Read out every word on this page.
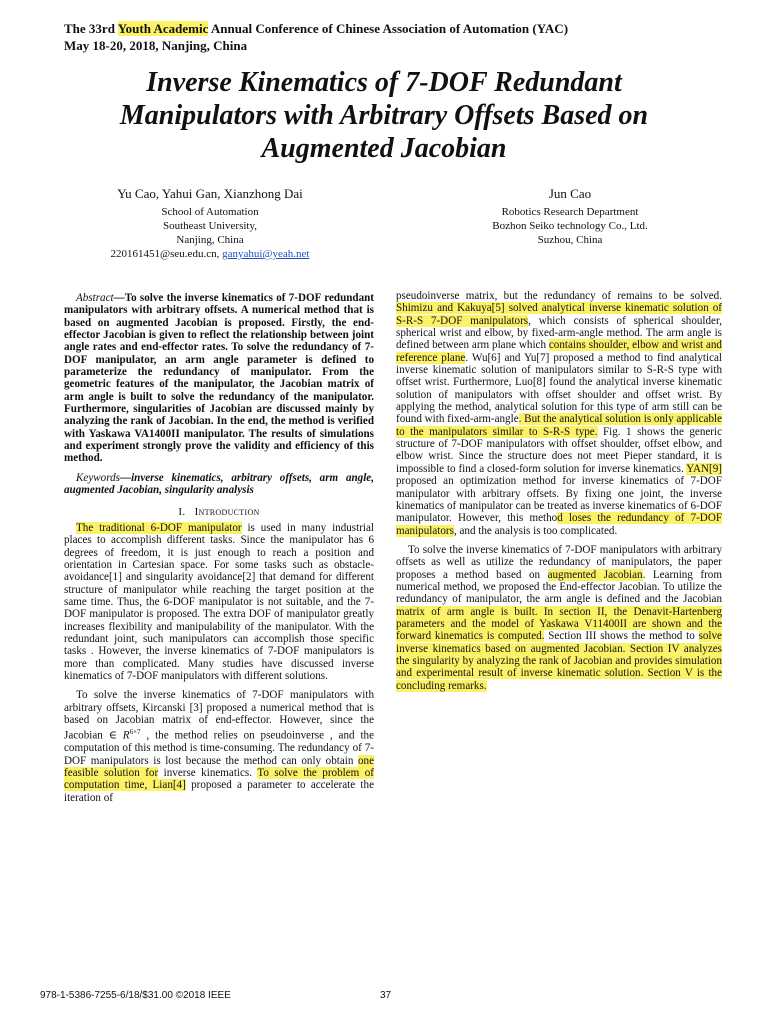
The 33rd Youth Academic Annual Conference of Chinese Association of Automation (YAC)
May 18-20, 2018, Nanjing, China
Inverse Kinematics of 7-DOF Redundant
Manipulators with Arbitrary Offsets Based on
Augmented Jacobian
Yu Cao, Yahui Gan, Xianzhong Dai
School of Automation
Southeast University,
Nanjing, China
220161451@seu.edu.cn, ganyahui@yeah.net
Jun Cao
Robotics Research Department
Bozhon Seiko technology Co., Ltd.
Suzhou, China

Abstract—To solve the inverse kinematics of 7-DOF redundant manipulators with arbitrary offsets. A numerical method that is based on augmented Jacobian is proposed. Firstly, the end-effector Jacobian is given to reflect the relationship between joint angle rates and end-effector rates. To solve the redundancy of 7-DOF manipulator, an arm angle parameter is defined to parameterize the redundancy of manipulator. From the geometric features of the manipulator, the Jacobian matrix of arm angle is built to solve the redundancy of the manipulator. Furthermore, singularities of Jacobian are discussed mainly by analyzing the rank of Jacobian. In the end, the method is verified with Yaskawa VA1400II manipulator. The results of simulations and experiment strongly prove the validity and efficiency of this method.

Keywords—inverse kinematics, arbitrary offsets, arm angle, augmented Jacobian, singularity analysis

I. Introduction

The traditional 6-DOF manipulator is used in many industrial places to accomplish different tasks. Since the manipulator has 6 degrees of freedom, it is just enough to reach a position and orientation in Cartesian space. For some tasks such as obstacle-avoidance[1] and singularity avoidance[2] that demand for different structure of manipulator while reaching the target position at the same time. Thus, the 6-DOF manipulator is not suitable, and the 7-DOF manipulator is proposed. The extra DOF of manipulator greatly increases flexibility and manipulability of the manipulator. With the redundant joint, such manipulators can accomplish those specific tasks . However, the inverse kinematics of 7-DOF manipulators is more than complicated. Many studies have discussed inverse kinematics of 7-DOF manipulators with different solutions.

To solve the inverse kinematics of 7-DOF manipulators with arbitrary offsets, Kircanski [3] proposed a numerical method that is based on Jacobian matrix of end-effector. However, since the Jacobian ∈ $R^{6\times 7}$ , the method relies on pseudoinverse , and the computation of this method is time-consuming. The redundancy of 7-DOF manipulators is lost because the method can only obtain one feasible solution for inverse kinematics. To solve the problem of computation time, Lian[4] proposed a parameter to accelerate the iteration of

pseudoinverse matrix, but the redundancy of remains to be solved. Shimizu and Kakuya[5] solved analytical inverse kinematic solution of S-R-S 7-DOF manipulators, which consists of spherical shoulder, spherical wrist and elbow, by fixed-arm-angle method. The arm angle is defined between arm plane which contains shoulder, elbow and wrist and reference plane. Wu[6] and Yu[7] proposed a method to find analytical inverse kinematic solution of manipulators similar to S-R-S type with offset wrist. Furthermore, Luo[8] found the analytical inverse kinematic solution of manipulators with offset shoulder and offset wrist. By applying the method, analytical solution for this type of arm still can be found with fixed-arm-angle. But the analytical solution is only applicable to the manipulators similar to S-R-S type. Fig. 1 shows the generic structure of 7-DOF manipulators with offset shoulder, offset elbow, and elbow wrist. Since the structure does not meet Pieper standard, it is impossible to find a closed-form solution for inverse kinematics. YAN[9] proposed an optimization method for inverse kinematics of 7-DOF manipulator with arbitrary offsets. By fixing one joint, the inverse kinematics of manipulator can be treated as inverse kinematics of 6-DOF manipulator. However, this method loses the redundancy of 7-DOF manipulators, and the analysis is too complicated.

To solve the inverse kinematics of 7-DOF manipulators with arbitrary offsets as well as utilize the redundancy of manipulators, the paper proposes a method based on augmented Jacobian. Learning from numerical method, we proposed the End-effector Jacobian. To utilize the redundancy of manipulator, the arm angle is defined and the Jacobian matrix of arm angle is built. In section II, the Denavit-Hartenberg parameters and the model of Yaskawa V11400II are shown and the forward kinematics is computed. Section III shows the method to solve inverse kinematics based on augmented Jacobian. Section IV analyzes the singularity by analyzing the rank of Jacobian and provides simulation and experimental result of inverse kinematic solution. Section V is the concluding remarks.

978-1-5386-7255-6/18/$31.00 ©2018 IEEE	37
